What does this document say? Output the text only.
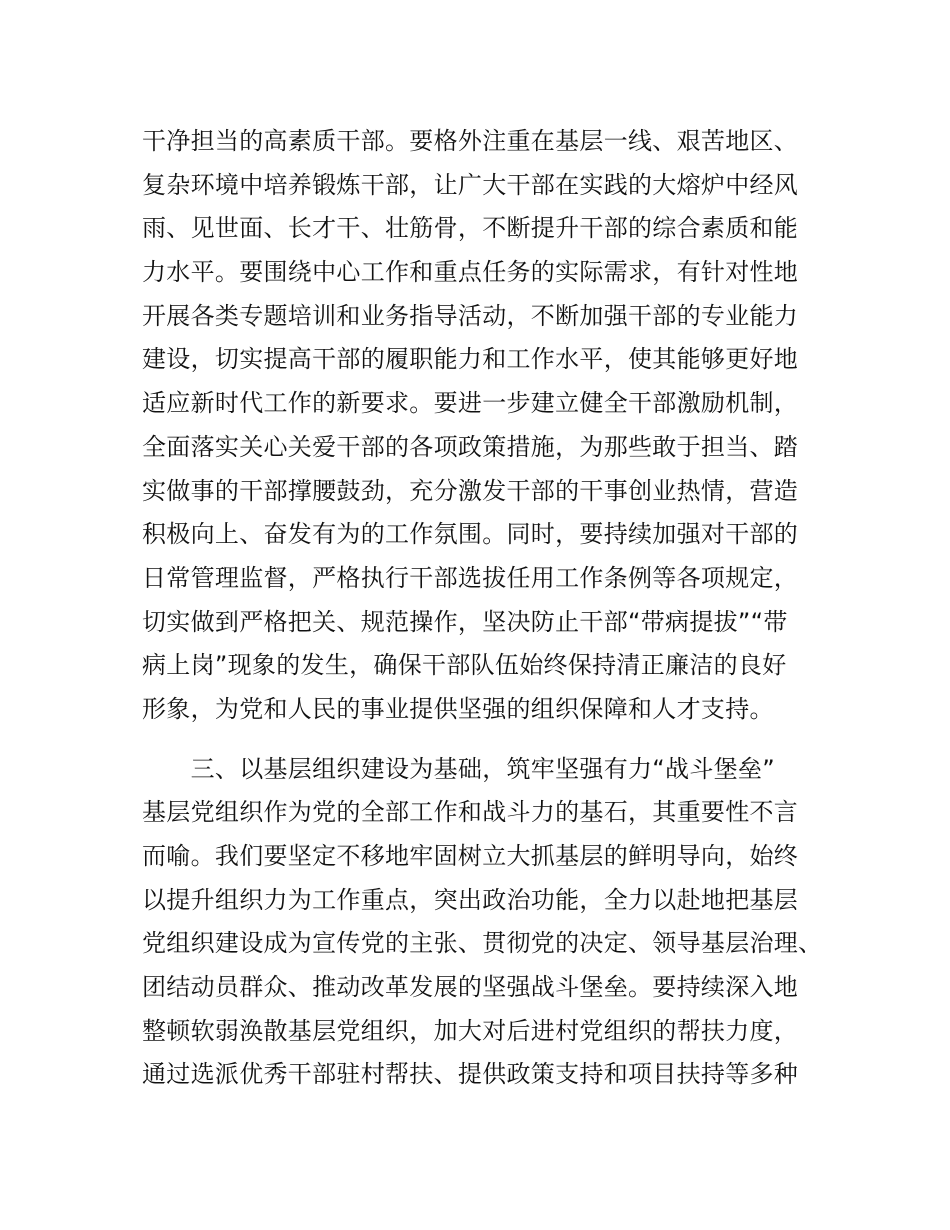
干净担当的高素质干部。要格外注重在基层一线、艰苦地区、
复杂环境中培养锻炼干部，让广大干部在实践的大熔炉中经风
雨、见世面、长才干、壮筋骨，不断提升干部的综合素质和能
力水平。要围绕中心工作和重点任务的实际需求，有针对性地
开展各类专题培训和业务指导活动，不断加强干部的专业能力
建设，切实提高干部的履职能力和工作水平，使其能够更好地
适应新时代工作的新要求。要进一步建立健全干部激励机制，
全面落实关心关爱干部的各项政策措施，为那些敢于担当、踏
实做事的干部撑腰鼓劲，充分激发干部的干事创业热情，营造
积极向上、奋发有为的工作氛围。同时，要持续加强对干部的
日常管理监督，严格执行干部选拔任用工作条例等各项规定，
切实做到严格把关、规范操作，坚决防止干部“带病提拔”“带
病上岗”现象的发生，确保干部队伍始终保持清正廉洁的良好
形象，为党和人民的事业提供坚强的组织保障和人才支持。
　　三、以基层组织建设为基础，筑牢坚强有力“战斗堡垒”
基层党组织作为党的全部工作和战斗力的基石，其重要性不言
而喻。我们要坚定不移地牢固树立大抓基层的鲜明导向，始终
以提升组织力为工作重点，突出政治功能，全力以赴地把基层
党组织建设成为宣传党的主张、贯彻党的决定、领导基层治理、
团结动员群众、推动改革发展的坚强战斗堡垒。要持续深入地
整顿软弱涣散基层党组织，加大对后进村党组织的帮扶力度，
通过选派优秀干部驻村帮扶、提供政策支持和项目扶持等多种
